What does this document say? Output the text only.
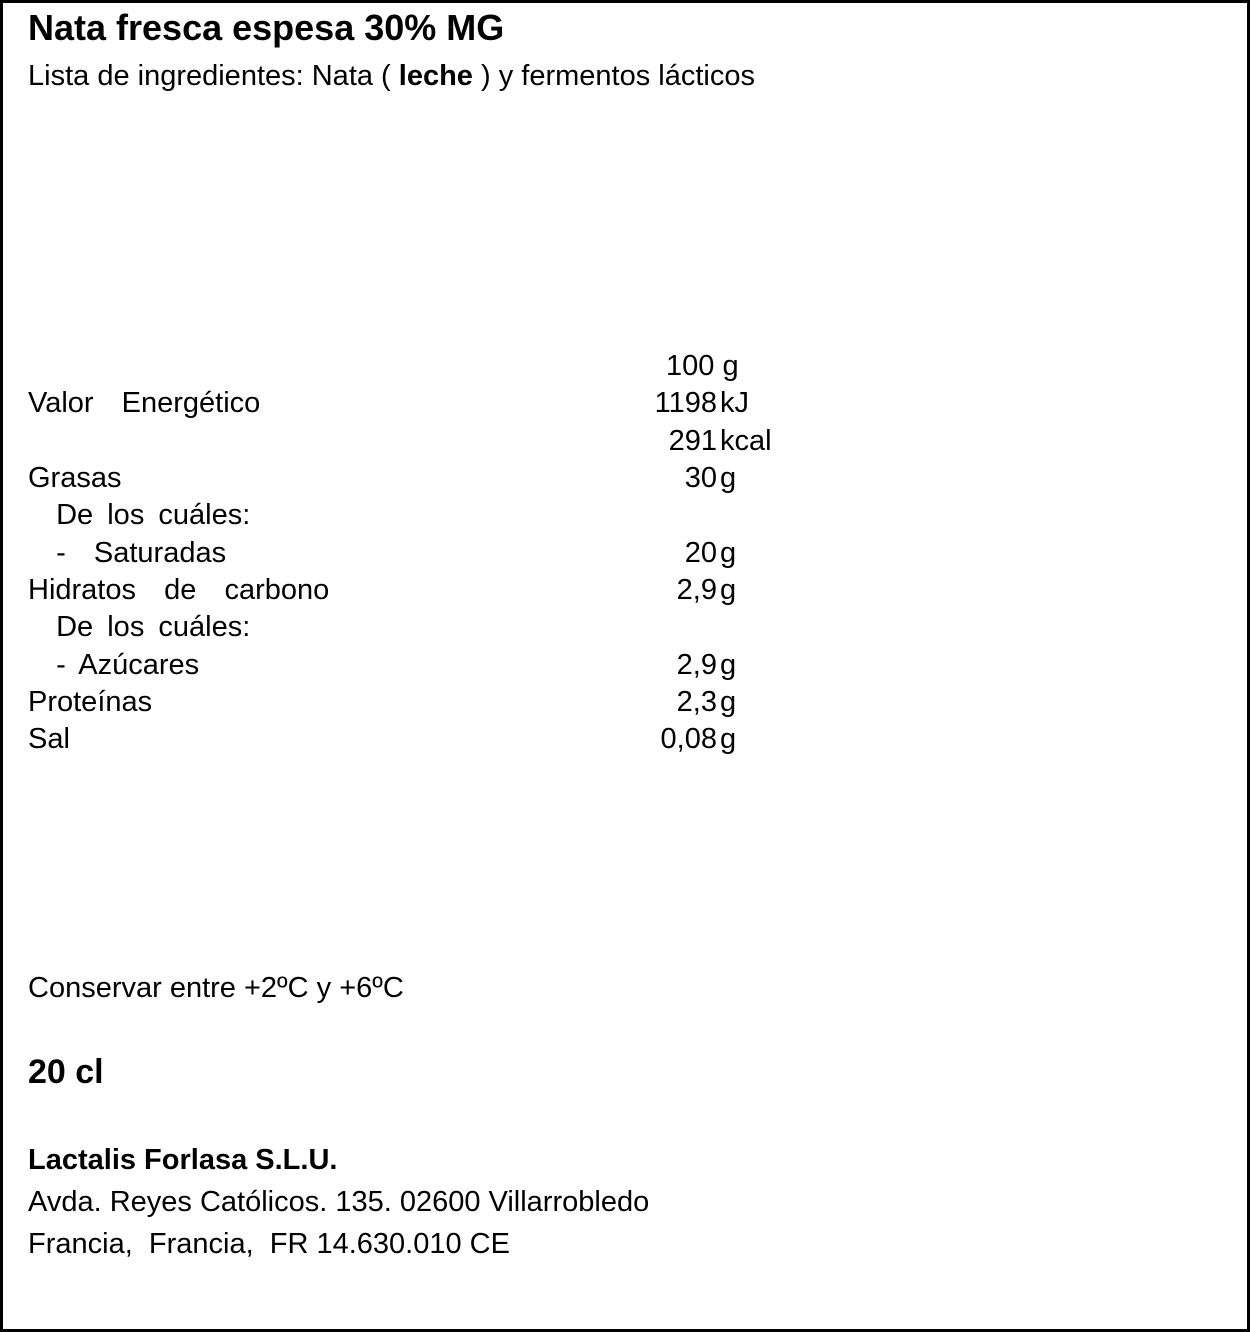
Nata fresca espesa 30% MG
Lista de ingredientes: Nata ( leche ) y fermentos lácticos
100 g
Valor  Energético	1198 kJ
291 kcal
Grasas	30 g
De los cuáles:
-  Saturadas	20 g
Hidratos  de  carbono	2,9 g
De los cuáles:
- Azúcares	2,9 g
Proteínas	2,3 g
Sal	0,08 g
Conservar entre +2ºC y +6ºC
20 cl
Lactalis Forlasa S.L.U.
Avda. Reyes Católicos. 135. 02600 Villarrobledo
Francia,  Francia,  FR 14.630.010 CE
